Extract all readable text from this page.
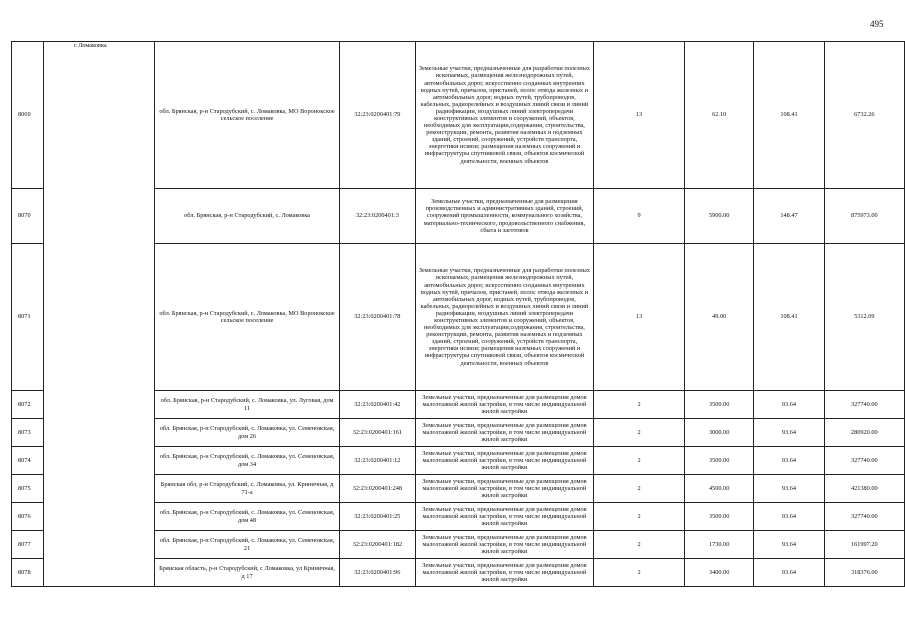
495
8069	с Ломаковка	обл. Брянская, р-н Стародубский, с. Ломаковка, МО Воронокское сельское поселение	32:23:0200401:79	Земельные участки, предназначенные для разработки полезных ископаемых, размещения железнодорожных путей, автомобильных дорог, искусственно созданных внутренних водных путей, причалов, пристаней, полос отвода железных и автомобильных дорог, водных путей, трубопроводов, кабельных, радиорелейных и воздушных линий связи и линий радиофикации, воздушных линий электропередачи конструктивных элементов и сооружений, объектов, необходимых для эксплуатации,содержания, строительства, реконструкции, ремонта, развития наземных и подземных зданий, строений, сооружений, устройств транспорта, энергетики исвязи; размещения наземных сооружений и инфраструктуры спутниковой связи, объектов космической деятельности, военных объектов	13	62.10	108.41	6732.26
8070		обл. Брянская, р-н Стародубский, с. Ломаковка	32:23:0200401:3	Земельные участки, предназначенные для размещения производственных и административных зданий, строений, сооружений промышленности, коммунального хозяйства, материально-технического, продовольственного снабжения, сбыта и заготовок	9	5900.00	148.47	875973.00
8071		обл. Брянская, р-н Стародубский, с. Ломаковка, МО Воронокское сельское поселение	32:23:0200401:78	Земельные участки, предназначенные для разработки полезных ископаемых, размещения железнодорожных путей, автомобильных дорог, искусственно созданных внутренних водных путей, причалов, пристаней, полос отвода железных и автомобильных дорог, водных путей, трубопроводов, кабельных, радиорелейных и воздушных линий связи и линий радиофикации, воздушных линий электропередачи конструктивных элементов и сооружений, объектов, необходимых для эксплуатации,содержания, строительства, реконструкции, ремонта, развития наземных и подземных зданий, строений, сооружений, устройств транспорта, энергетики исвязи; размещения наземных сооружений и инфраструктуры спутниковой связи, объектов космической деятельности, военных объектов	13	49.00	108.41	5312.09
8072		обл. Брянская, р-н Стародубский, с. Ломаковка, ул. Луговая, дом 11	32:23:0200401:42	Земельные участки, предназначенные для размещения домов малоэтажной жилой застройки, в том числе индивидуальной жилой застройки	2	3500.00	93.64	327740.00
8073		обл. Брянская, р-н Стародубский, с. Ломаковка, ул. Семеновская, дом 26	32:23:0200401:161	Земельные участки, предназначенные для размещения домов малоэтажной жилой застройки, в том числе индивидуальной жилой застройки	2	3000.00	93.64	280920.00
8074		обл. Брянская, р-н Стародубский, с. Ломаковка, ул. Семеновская, дом 34	32:23:0200401:12	Земельные участки, предназначенные для размещения домов малоэтажной жилой застройки, в том числе индивидуальной жилой застройки	2	3500.00	93.64	327740.00
8075		Брянская обл, р-н Стародубский, с. Ломаковка, ул. Криничная, д 71-а	32:23:0200401:248	Земельные участки, предназначенные для размещения домов малоэтажной жилой застройки, в том числе индивидуальной жилой застройки	2	4500.00	93.64	421380.00
8076		обл. Брянская, р-н Стародубский, с. Ломаковка, ул. Семеновская, дом 48	32:23:0200401:25	Земельные участки, предназначенные для размещения домов малоэтажной жилой застройки, в том числе индивидуальной жилой застройки	2	3500.00	93.64	327740.00
8077		обл. Брянская, р-н Стародубский, с. Ломаковка, ул. Семеновская, 21	32:23:0200401:182	Земельные участки, предназначенные для размещения домов малоэтажной жилой застройки, в том числе индивидуальной жилой застройки	2	1730.00	93.64	161997.20
8078		Брянская область, р-н Стародубский, с Ломаковка, ул Криничная, д 17	32:23:0200401:96	Земельные участки, предназначенные для размещения домов малоэтажной жилой застройки, в том числе индивидуальной жилой застройки	2	3400.00	93.64	318376.00
